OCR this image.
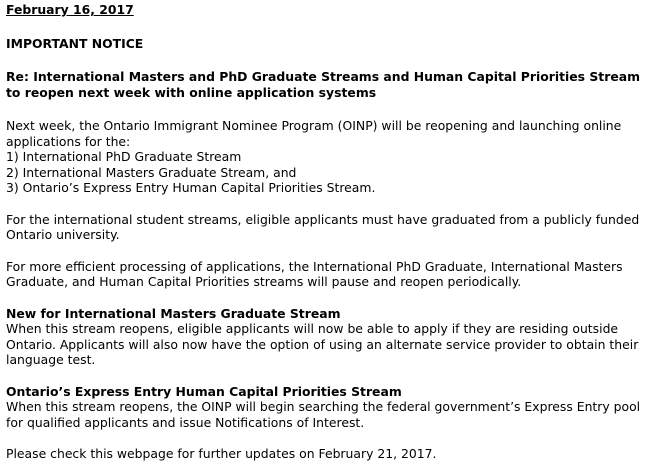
February 16, 2017
IMPORTANT NOTICE
Re: International Masters and PhD Graduate Streams and Human Capital Priorities Stream to reopen next week with online application systems

Next week, the Ontario Immigrant Nominee Program (OINP) will be reopening and launching online applications for the:

1) International PhD Graduate Stream
2) International Masters Graduate Stream, and
3) Ontario’s Express Entry Human Capital Priorities Stream.

For the international student streams, eligible applicants must have graduated from a publicly funded Ontario university.

For more efficient processing of applications, the International PhD Graduate, International Masters Graduate, and Human Capital Priorities streams will pause and reopen periodically.

New for International Masters Graduate Stream
When this stream reopens, eligible applicants will now be able to apply if they are residing outside Ontario. Applicants will also now have the option of using an alternate service provider to obtain their language test.
Ontario’s Express Entry Human Capital Priorities Stream
When this stream reopens, the OINP will begin searching the federal government’s Express Entry pool for qualified applicants and issue Notifications of Interest.

Please check this webpage for further updates on February 21, 2017.
